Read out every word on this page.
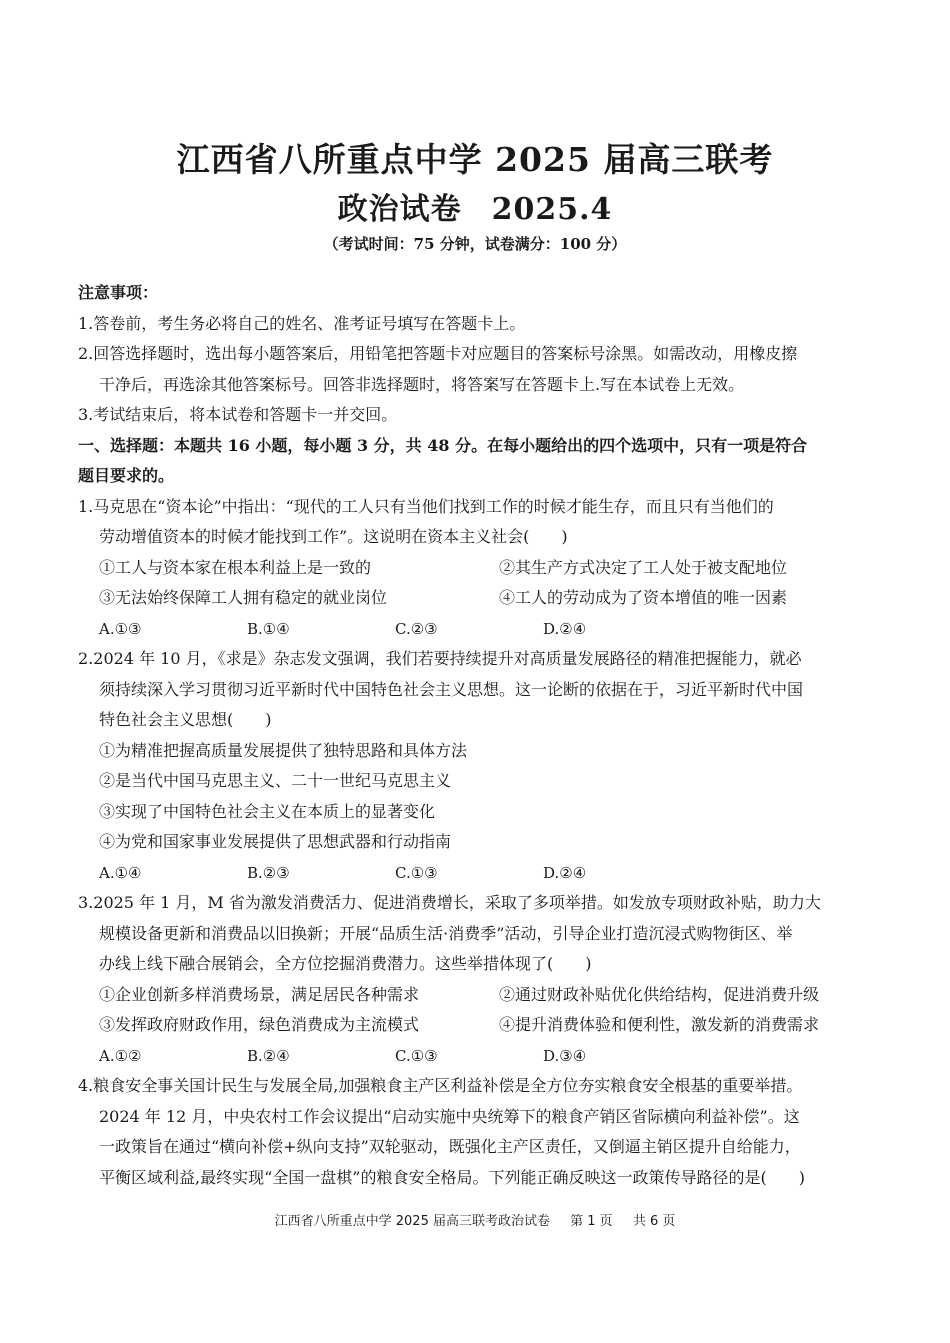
江西省八所重点中学 2025 届高三联考
政治试卷 2025.4
（考试时间：75 分钟，试卷满分：100 分）
注意事项：
1.答卷前，考生务必将自己的姓名、准考证号填写在答题卡上。
2.回答选择题时，选出每小题答案后，用铅笔把答题卡对应题目的答案标号涂黑。如需改动，用橡皮擦
干净后，再选涂其他答案标号。回答非选择题时，将答案写在答题卡上.写在本试卷上无效。
3.考试结束后，将本试卷和答题卡一并交回。
一、选择题：本题共 16 小题，每小题 3 分，共 48 分。在每小题给出的四个选项中，只有一项是符合
题目要求的。
1.马克思在“资本论”中指出：“现代的工人只有当他们找到工作的时候才能生存，而且只有当他们的
劳动增值资本的时候才能找到工作”。这说明在资本主义社会(　　)
①工人与资本家在根本利益上是一致的	②其生产方式决定了工人处于被支配地位
③无法始终保障工人拥有稳定的就业岗位	④工人的劳动成为了资本增值的唯一因素
A.①③	B.①④	C.②③	D.②④
2.2024 年 10 月，《求是》杂志发文强调，我们若要持续提升对高质量发展路径的精准把握能力，就必
须持续深入学习贯彻习近平新时代中国特色社会主义思想。这一论断的依据在于，习近平新时代中国
特色社会主义思想(　　)
①为精准把握高质量发展提供了独特思路和具体方法
②是当代中国马克思主义、二十一世纪马克思主义
③实现了中国特色社会主义在本质上的显著变化
④为党和国家事业发展提供了思想武器和行动指南
A.①④	B.②③	C.①③	D.②④
3.2025 年 1 月，M 省为激发消费活力、促进消费增长，采取了多项举措。如发放专项财政补贴，助力大
规模设备更新和消费品以旧换新；开展“品质生活·消费季”活动，引导企业打造沉浸式购物街区、举
办线上线下融合展销会，全方位挖掘消费潜力。这些举措体现了(　　)
①企业创新多样消费场景，满足居民各种需求	②通过财政补贴优化供给结构，促进消费升级
③发挥政府财政作用，绿色消费成为主流模式	④提升消费体验和便利性，激发新的消费需求
A.①②	B.②④	C.①③	D.③④
4.粮食安全事关国计民生与发展全局,加强粮食主产区利益补偿是全方位夯实粮食安全根基的重要举措。
2024 年 12 月，中央农村工作会议提出“启动实施中央统筹下的粮食产销区省际横向利益补偿”。这
一政策旨在通过“横向补偿+纵向支持”双轮驱动，既强化主产区责任，又倒逼主销区提升自给能力，
平衡区域利益,最终实现“全国一盘棋”的粮食安全格局。下列能正确反映这一政策传导路径的是(　　)
江西省八所重点中学 2025 届高三联考政治试卷 第 1 页 共 6 页
